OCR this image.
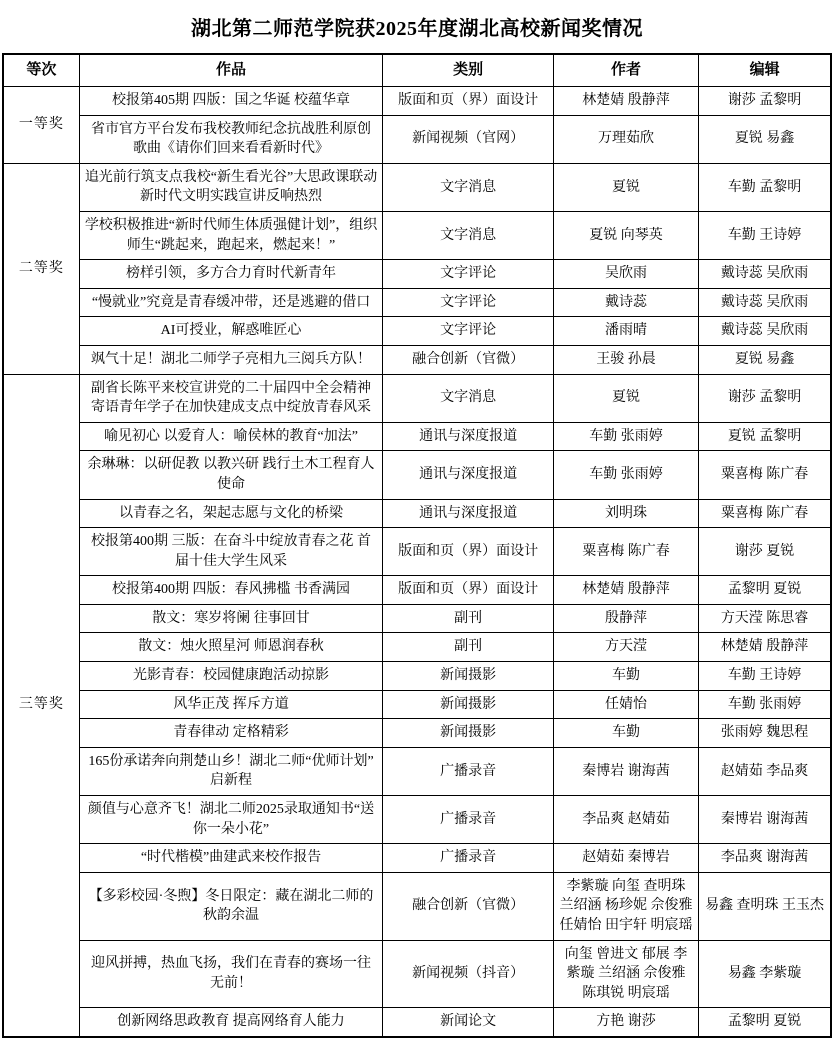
湖北第二师范学院获2025年度湖北高校新闻奖情况
等次	作品	类别	作者	编辑
一等奖	校报第405期 四版：国之华诞 校蕴华章	版面和页（界）面设计	林楚婧 殷静萍	谢莎 孟黎明
	省市官方平台发布我校教师纪念抗战胜利原创歌曲《请你们回来看看新时代》	新闻视频（官网）	万理茹欣	夏锐 易鑫
二等奖	追光前行筑支点我校“新生看光谷”大思政课联动新时代文明实践宣讲反响热烈	文字消息	夏锐	车勤 孟黎明
	学校积极推进“新时代师生体质强健计划”，组织师生“跳起来，跑起来，燃起来！”	文字消息	夏锐 向琴英	车勤 王诗婷
	榜样引领，多方合力育时代新青年	文字评论	吴欣雨	戴诗蕊 吴欣雨
	“慢就业”究竟是青春缓冲带，还是逃避的借口	文字评论	戴诗蕊	戴诗蕊 吴欣雨
	AI可授业，解惑唯匠心	文字评论	潘雨晴	戴诗蕊 吴欣雨
	飒气十足！湖北二师学子亮相九三阅兵方队！	融合创新（官微）	王骏 孙晨	夏锐 易鑫
三等奖	副省长陈平来校宣讲党的二十届四中全会精神 寄语青年学子在加快建成支点中绽放青春风采	文字消息	夏锐	谢莎 孟黎明
	喻见初心 以爱育人：喻侯林的教育“加法”	通讯与深度报道	车勤 张雨婷	夏锐 孟黎明
	余琳琳：以研促教 以教兴研 践行土木工程育人使命	通讯与深度报道	车勤 张雨婷	粟喜梅 陈广春
	以青春之名，架起志愿与文化的桥梁	通讯与深度报道	刘明珠	粟喜梅 陈广春
	校报第400期 三版：在奋斗中绽放青春之花 首届十佳大学生风采	版面和页（界）面设计	粟喜梅 陈广春	谢莎 夏锐
	校报第400期 四版：春风拂槛 书香满园	版面和页（界）面设计	林楚婧 殷静萍	孟黎明 夏锐
	散文：寒岁将阑 往事回甘	副刊	殷静萍	方天滢 陈思睿
	散文：烛火照星河 师恩润春秋	副刊	方天滢	林楚婧 殷静萍
	光影青春：校园健康跑活动掠影	新闻摄影	车勤	车勤 王诗婷
	风华正茂 挥斥方道	新闻摄影	任婧怡	车勤 张雨婷
	青春律动 定格精彩	新闻摄影	车勤	张雨婷 魏思程
	165份承诺奔向荆楚山乡！湖北二师“优师计划”启新程	广播录音	秦博岩 谢海茜	赵婧茹 李品爽
	颜值与心意齐飞！湖北二师2025录取通知书“送你一朵小花”	广播录音	李品爽 赵婧茹	秦博岩 谢海茜
	“时代楷模”曲建武来校作报告	广播录音	赵婧茹 秦博岩	李品爽 谢海茜
	【多彩校园·冬煦】冬日限定：藏在湖北二师的秋韵余温	融合创新（官微）	李紫璇 向玺 查明珠 兰绍涵 杨珍妮 佘俊雅 任婧怡 田宇轩 明宸瑶	易鑫 查明珠 王玉杰
	迎风拼搏，热血飞扬，我们在青春的赛场一往无前！	新闻视频（抖音）	向玺 曾进文 郁展 李紫璇 兰绍涵 佘俊雅 陈琪锐 明宸瑶	易鑫 李紫璇
	创新网络思政教育 提高网络育人能力	新闻论文	方艳 谢莎	孟黎明 夏锐
